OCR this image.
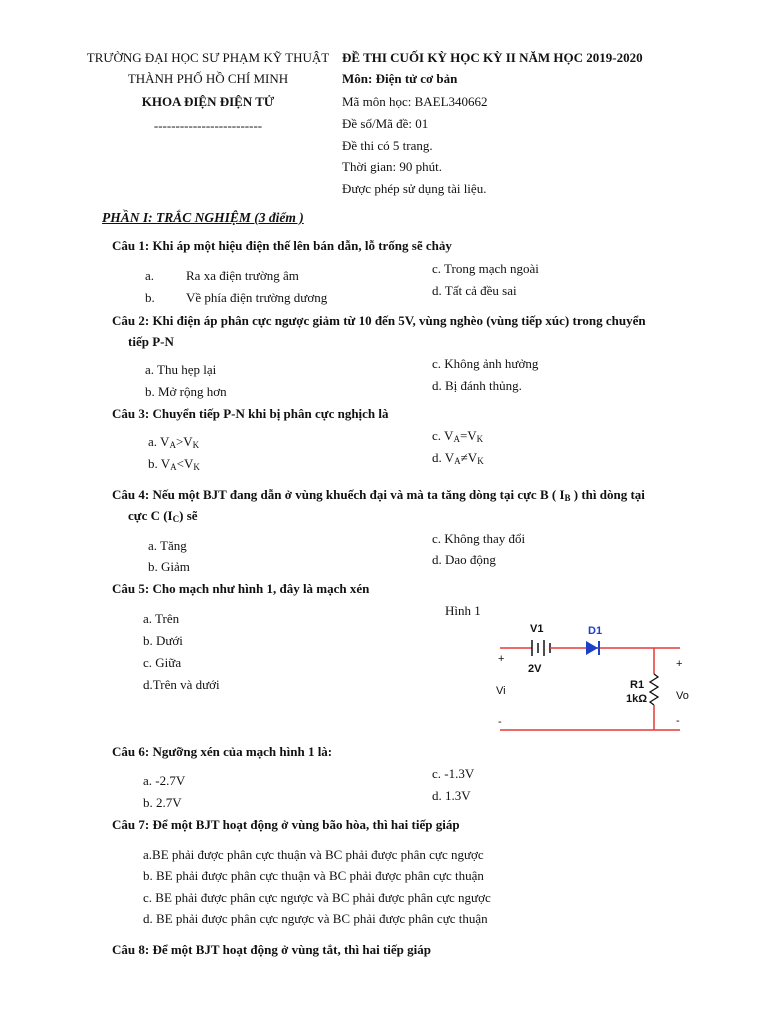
TRƯỜNG ĐẠI HỌC SƯ PHẠM KỸ THUẬT
THÀNH PHỐ HỒ CHÍ MINH
KHOA ĐIỆN ĐIỆN TỬ
-------------------------
ĐỀ THI CUỐI KỲ HỌC KỲ II NĂM HỌC 2019-2020
Môn: Điện tử cơ bản
Mã môn học: BAEL340662
Đề số/Mã đề: 01
Đề thi có 5 trang.
Thời gian: 90 phút.
Được phép sử dụng tài liệu.
PHẦN I: TRẮC NGHIỆM (3 điểm )
Câu 1: Khi áp một hiệu điện thế lên bán dẫn, lỗ trống sẽ chảy
a. Ra xa điện trường âm
b. Về phía điện trường dương
c. Trong mạch ngoài
d. Tất cả đều sai
Câu 2: Khi điện áp phân cực ngược giảm từ 10 đến 5V, vùng nghèo (vùng tiếp xúc) trong chuyển
tiếp P-N
a. Thu hẹp lại
b. Mở rộng hơn
c. Không ảnh hưởng
d. Bị đánh thủng.
Câu 3: Chuyển tiếp P-N khi bị phân cực nghịch là
a. $V_A>V_K$
b. $V_A<V_K$
c. $V_A=V_K$
d. $V_A\ne V_K$
Câu 4: Nếu một BJT đang dẫn ở vùng khuếch đại và mà ta tăng dòng tại cực B ( $I_B$ ) thì dòng tại
cực C $(I_C)$ sẽ
a. Tăng
b. Giảm
c. Không thay đổi
d. Dao động
Câu 5: Cho mạch như hình 1, đây là mạch xén
a. Trên
b. Dưới
c. Giữa
d.Trên và dưới
Hình 1
V1
2V
D1
R1
1kΩ
+
Vi
-
+
Vo
-
Câu 6: Ngưỡng xén của mạch hình 1 là:
a. -2.7V
b. 2.7V
c. -1.3V
d. 1.3V
Câu 7: Để một BJT hoạt động ở vùng bão hòa, thì hai tiếp giáp
a.BE phải được phân cực thuận và BC phải được phân cực ngược
b. BE phải được phân cực thuận và BC phải được phân cực thuận
c. BE phải được phân cực ngược và BC phải được phân cực ngược
d. BE phải được phân cực ngược và BC phải được phân cực thuận
Câu 8: Để một BJT hoạt động ở vùng tắt, thì hai tiếp giáp
